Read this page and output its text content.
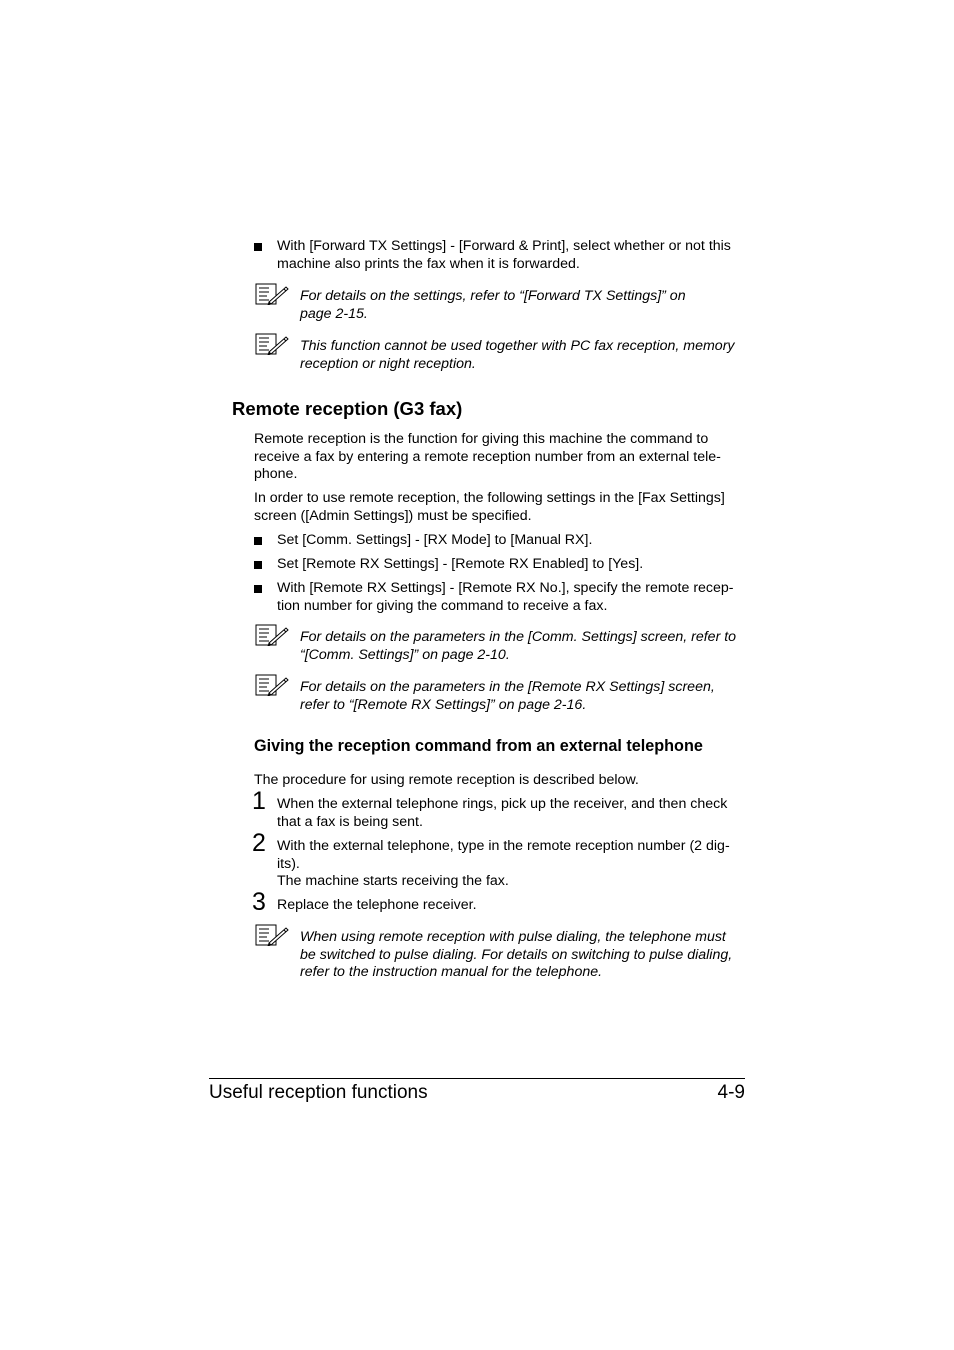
With [Forward TX Settings] - [Forward & Print], select whether or not this
machine also prints the fax when it is forwarded.
For details on the settings, refer to “[Forward TX Settings]” on
page 2-15.
This function cannot be used together with PC fax reception, memory
reception or night reception.
Remote reception (G3 fax)
Remote reception is the function for giving this machine the command to
receive a fax by entering a remote reception number from an external tele-
phone.
In order to use remote reception, the following settings in the [Fax Settings]
screen ([Admin Settings]) must be specified.
Set [Comm. Settings] - [RX Mode] to [Manual RX].
Set [Remote RX Settings] - [Remote RX Enabled] to [Yes].
With [Remote RX Settings] - [Remote RX No.], specify the remote recep-
tion number for giving the command to receive a fax.
For details on the parameters in the [Comm. Settings] screen, refer to
“[Comm. Settings]” on page 2-10.
For details on the parameters in the [Remote RX Settings] screen,
refer to “[Remote RX Settings]” on page 2-16.
Giving the reception command from an external telephone
The procedure for using remote reception is described below.
1 When the external telephone rings, pick up the receiver, and then check
that a fax is being sent.
2 With the external telephone, type in the remote reception number (2 dig-
its).
The machine starts receiving the fax.
3 Replace the telephone receiver.
When using remote reception with pulse dialing, the telephone must
be switched to pulse dialing. For details on switching to pulse dialing,
refer to the instruction manual for the telephone.
Useful reception functions	4-9
